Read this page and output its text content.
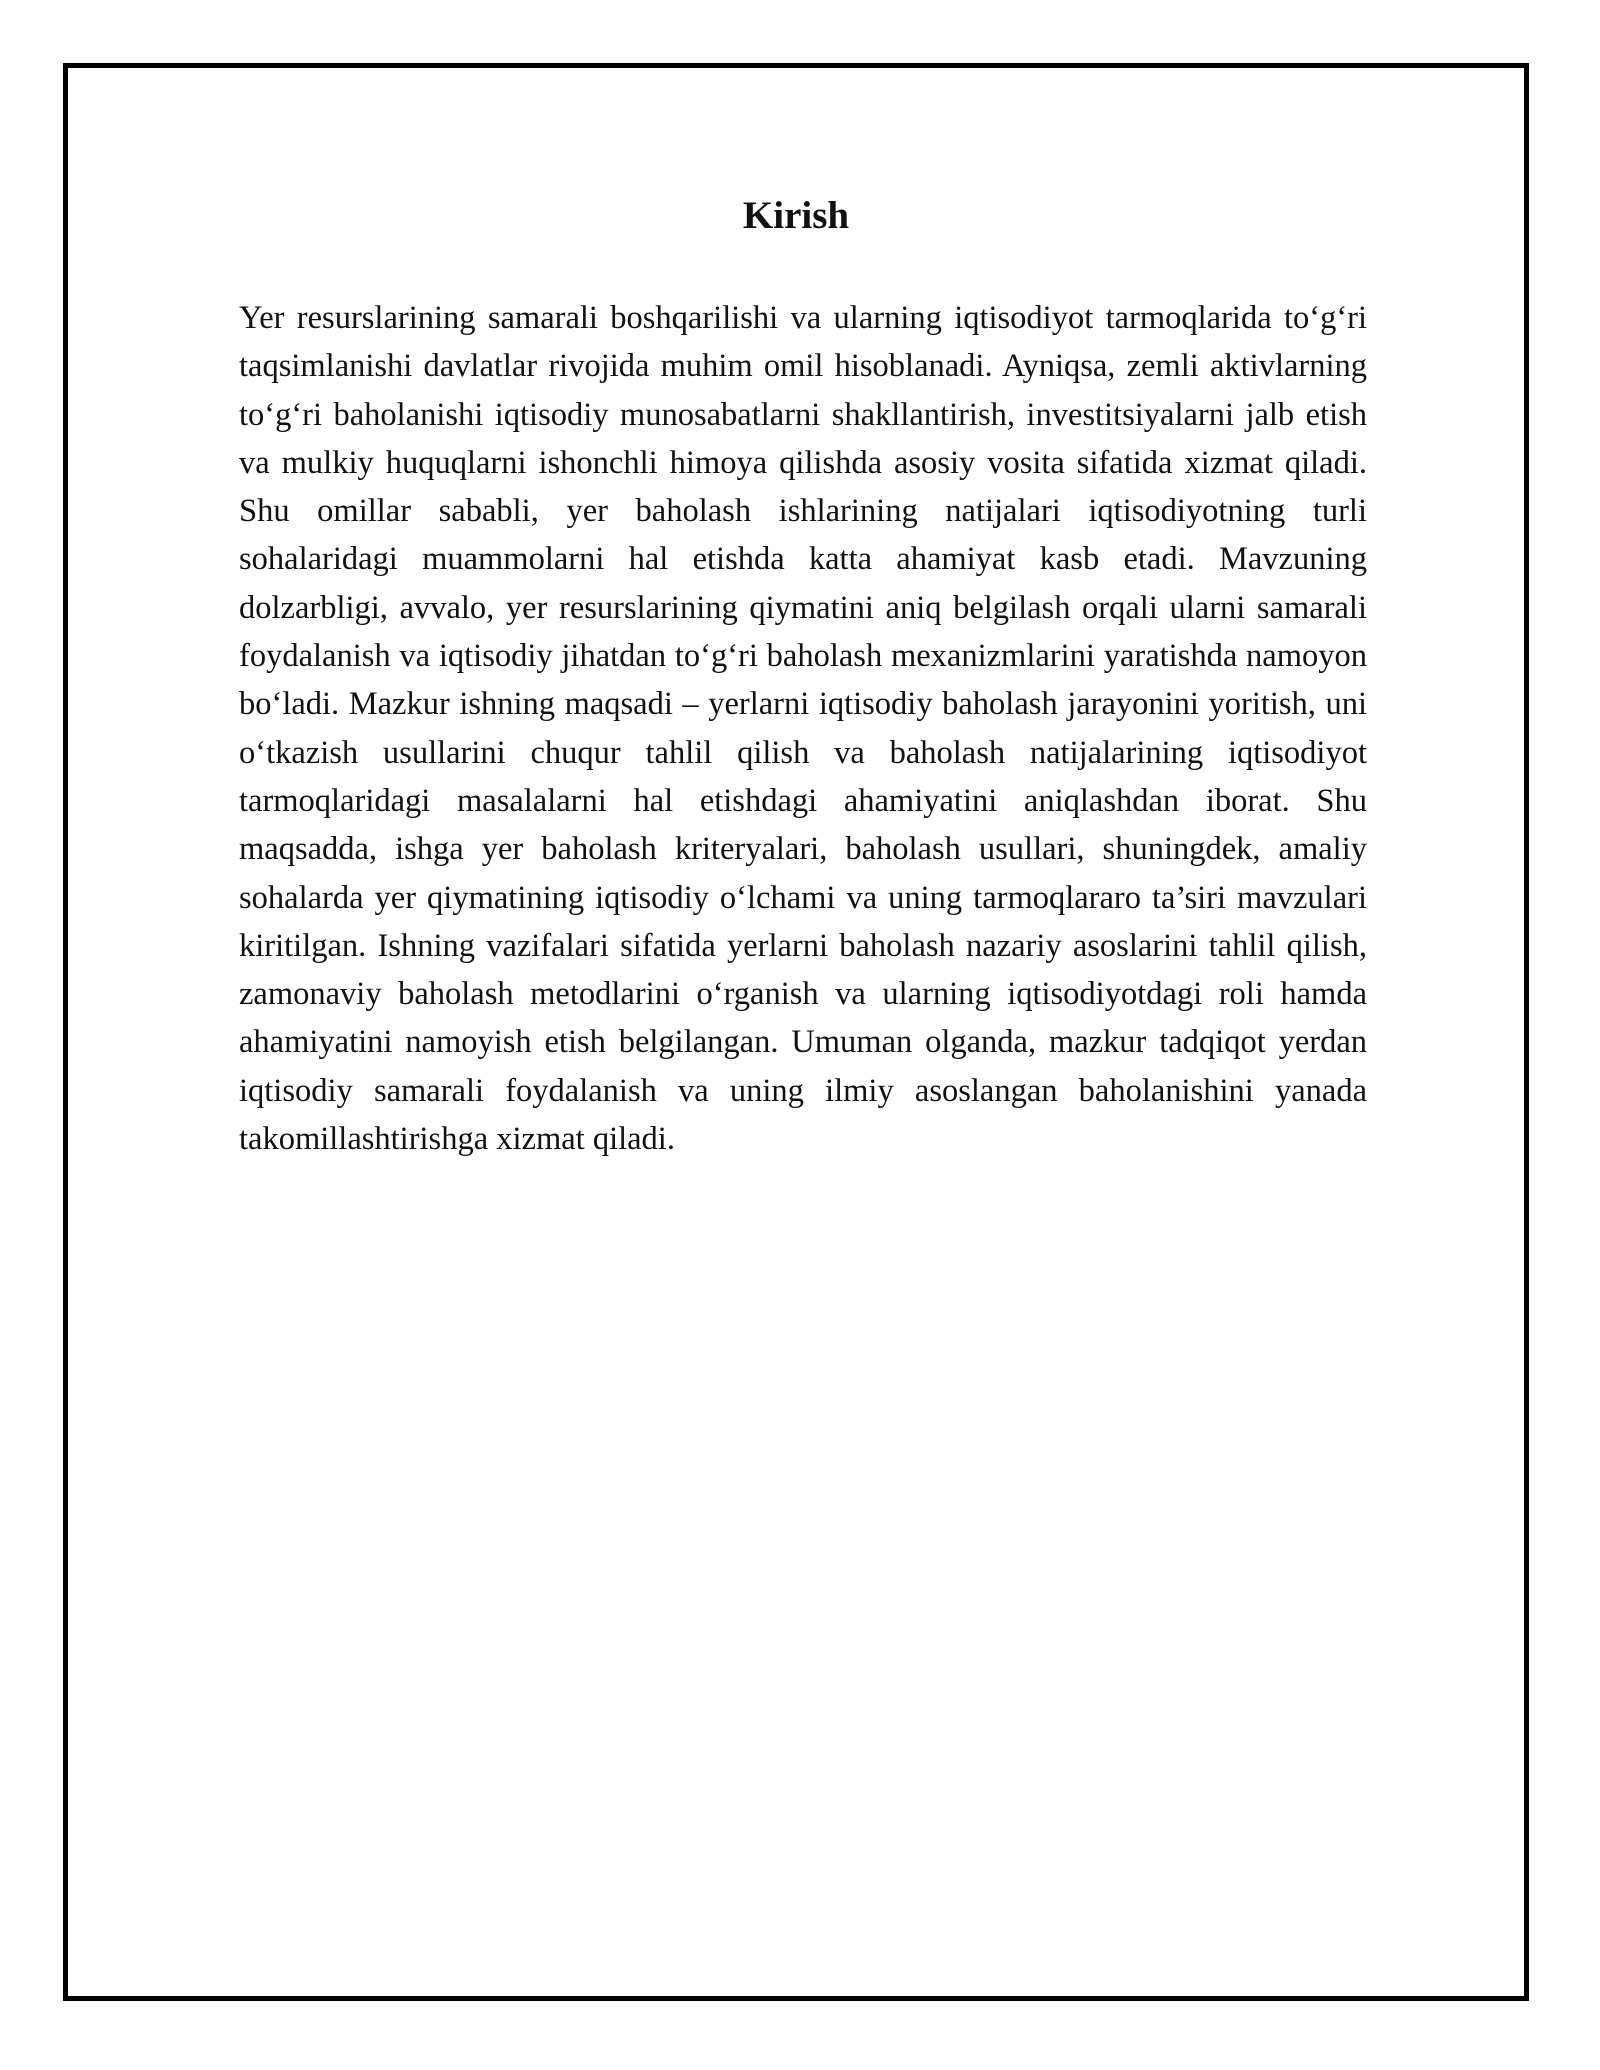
Kirish

Yer resurslarining samarali boshqarilishi va ularning iqtisodiyot tarmoqlarida to‘g‘ri taqsimlanishi davlatlar rivojida muhim omil hisoblanadi. Ayniqsa, zemli aktivlarning to‘g‘ri baholanishi iqtisodiy munosabatlarni shakllantirish, investitsiyalarni jalb etish va mulkiy huquqlarni ishonchli himoya qilishda asosiy vosita sifatida xizmat qiladi. Shu omillar sababli, yer baholash ishlarining natijalari iqtisodiyotning turli sohalaridagi muammolarni hal etishda katta ahamiyat kasb etadi. Mavzuning dolzarbligi, avvalo, yer resurslarining qiymatini aniq belgilash orqali ularni samarali foydalanish va iqtisodiy jihatdan to‘g‘ri baholash mexanizmlarini yaratishda namoyon bo‘ladi. Mazkur ishning maqsadi – yerlarni iqtisodiy baholash jarayonini yoritish, uni o‘tkazish usullarini chuqur tahlil qilish va baholash natijalarining iqtisodiyot tarmoqlaridagi masalalarni hal etishdagi ahamiyatini aniqlashdan iborat. Shu maqsadda, ishga yer baholash kriteryalari, baholash usullari, shuningdek, amaliy sohalarda yer qiymatining iqtisodiy o‘lchami va uning tarmoqlararo ta’siri mavzulari kiritilgan. Ishning vazifalari sifatida yerlarni baholash nazariy asoslarini tahlil qilish, zamonaviy baholash metodlarini o‘rganish va ularning iqtisodiyotdagi roli hamda ahamiyatini namoyish etish belgilangan. Umuman olganda, mazkur tadqiqot yerdan iqtisodiy samarali foydalanish va uning ilmiy asoslangan baholanishini yanada takomillashtirishga xizmat qiladi.
